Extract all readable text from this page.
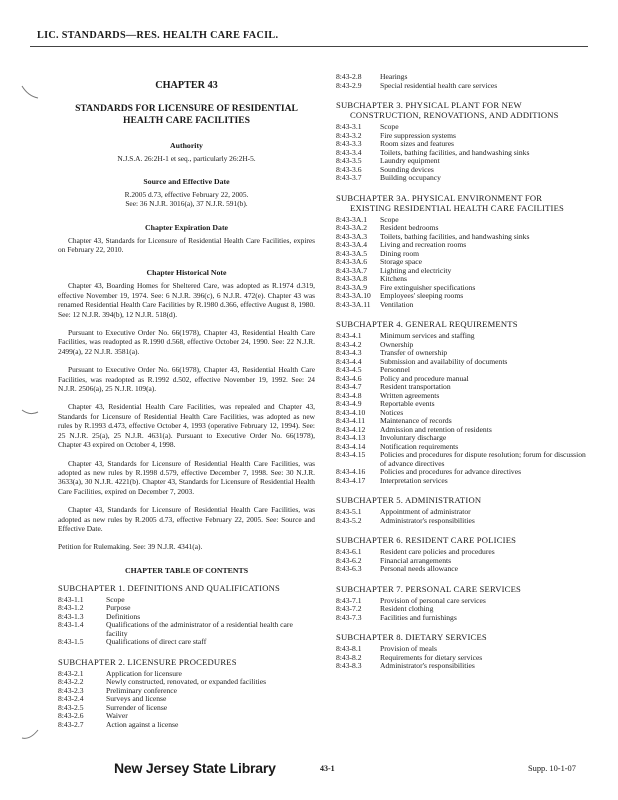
LIC. STANDARDS—RES. HEALTH CARE FACIL.
CHAPTER 43
STANDARDS FOR LICENSURE OF RESIDENTIAL HEALTH CARE FACILITIES
Authority
N.J.S.A. 26:2H-1 et seq., particularly 26:2H-5.
Source and Effective Date
R.2005 d.73, effective February 22, 2005.
See: 36 N.J.R. 3016(a), 37 N.J.R. 591(b).
Chapter Expiration Date
Chapter 43, Standards for Licensure of Residential Health Care Facilities, expires on February 22, 2010.
Chapter Historical Note
Chapter 43, Boarding Homes for Sheltered Care, was adopted as R.1974 d.319, effective November 19, 1974. See: 6 N.J.R. 396(c), 6 N.J.R. 472(e). Chapter 43 was renamed Residential Health Care Facilities by R.1980 d.366, effective August 8, 1980. See: 12 N.J.R. 394(b), 12 N.J.R. 518(d).
Pursuant to Executive Order No. 66(1978), Chapter 43, Residential Health Care Facilities, was readopted as R.1990 d.568, effective October 24, 1990. See: 22 N.J.R. 2499(a), 22 N.J.R. 3581(a).
Pursuant to Executive Order No. 66(1978), Chapter 43, Residential Health Care Facilities, was readopted as R.1992 d.502, effective November 19, 1992. See: 24 N.J.R. 2506(a), 25 N.J.R. 109(a).
Chapter 43, Residential Health Care Facilities, was repealed and Chapter 43, Standards for Licensure of Residential Health Care Facilities, was adopted as new rules by R.1993 d.473, effective October 4, 1993 (operative February 12, 1994). See: 25 N.J.R. 25(a), 25 N.J.R. 4631(a). Pursuant to Executive Order No. 66(1978), Chapter 43 expired on October 4, 1998.
Chapter 43, Standards for Licensure of Residential Health Care Facilities, was adopted as new rules by R.1998 d.579, effective December 7, 1998. See: 30 N.J.R. 3633(a), 30 N.J.R. 4221(b). Chapter 43, Standards for Licensure of Residential Health Care Facilities, expired on December 7, 2003.
Chapter 43, Standards for Licensure of Residential Health Care Facilities, was adopted as new rules by R.2005 d.73, effective February 22, 2005. See: Source and Effective Date.
Petition for Rulemaking. See: 39 N.J.R. 4341(a).
CHAPTER TABLE OF CONTENTS
SUBCHAPTER 1. DEFINITIONS AND QUALIFICATIONS
8:43-1.1	Scope
8:43-1.2	Purpose
8:43-1.3	Definitions
8:43-1.4	Qualifications of the administrator of a residential health care facility
8:43-1.5	Qualifications of direct care staff
SUBCHAPTER 2. LICENSURE PROCEDURES
8:43-2.1	Application for licensure
8:43-2.2	Newly constructed, renovated, or expanded facilities
8:43-2.3	Preliminary conference
8:43-2.4	Surveys and license
8:43-2.5	Surrender of license
8:43-2.6	Waiver
8:43-2.7	Action against a license
8:43-2.8	Hearings
8:43-2.9	Special residential health care services
SUBCHAPTER 3. PHYSICAL PLANT FOR NEW
CONSTRUCTION, RENOVATIONS, AND ADDITIONS
8:43-3.1	Scope
8:43-3.2	Fire suppression systems
8:43-3.3	Room sizes and features
8:43-3.4	Toilets, bathing facilities, and handwashing sinks
8:43-3.5	Laundry equipment
8:43-3.6	Sounding devices
8:43-3.7	Building occupancy
SUBCHAPTER 3A. PHYSICAL ENVIRONMENT FOR
EXISTING RESIDENTIAL HEALTH CARE FACILITIES
8:43-3A.1	Scope
8:43-3A.2	Resident bedrooms
8:43-3A.3	Toilets, bathing facilities, and handwashing sinks
8:43-3A.4	Living and recreation rooms
8:43-3A.5	Dining room
8:43-3A.6	Storage space
8:43-3A.7	Lighting and electricity
8:43-3A.8	Kitchens
8:43-3A.9	Fire extinguisher specifications
8:43-3A.10	Employees' sleeping rooms
8:43-3A.11	Ventilation
SUBCHAPTER 4. GENERAL REQUIREMENTS
8:43-4.1	Minimum services and staffing
8:43-4.2	Ownership
8:43-4.3	Transfer of ownership
8:43-4.4	Submission and availability of documents
8:43-4.5	Personnel
8:43-4.6	Policy and procedure manual
8:43-4.7	Resident transportation
8:43-4.8	Written agreements
8:43-4.9	Reportable events
8:43-4.10	Notices
8:43-4.11	Maintenance of records
8:43-4.12	Admission and retention of residents
8:43-4.13	Involuntary discharge
8:43-4.14	Notification requirements
8:43-4.15	Policies and procedures for dispute resolution; forum for discussion of advance directives
8:43-4.16	Policies and procedures for advance directives
8:43-4.17	Interpretation services
SUBCHAPTER 5. ADMINISTRATION
8:43-5.1	Appointment of administrator
8:43-5.2	Administrator's responsibilities
SUBCHAPTER 6. RESIDENT CARE POLICIES
8:43-6.1	Resident care policies and procedures
8:43-6.2	Financial arrangements
8:43-6.3	Personal needs allowance
SUBCHAPTER 7. PERSONAL CARE SERVICES
8:43-7.1	Provision of personal care services
8:43-7.2	Resident clothing
8:43-7.3	Facilities and furnishings
SUBCHAPTER 8. DIETARY SERVICES
8:43-8.1	Provision of meals
8:43-8.2	Requirements for dietary services
8:43-8.3	Administrator's responsibilities
New Jersey State Library	43-1	Supp. 10-1-07
